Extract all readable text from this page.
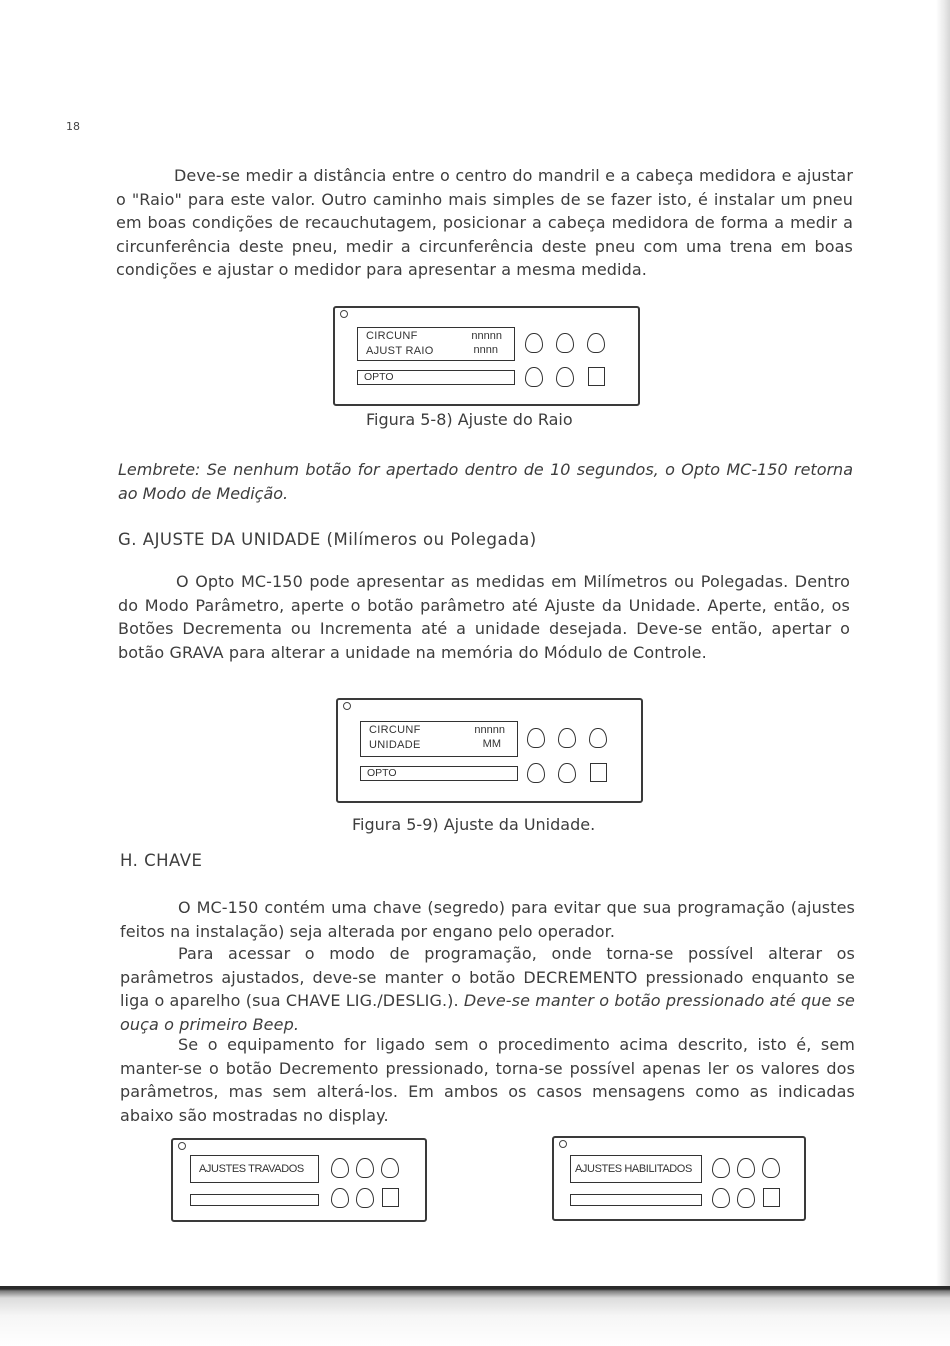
18

Deve-se medir a distância entre o centro do mandril e a cabeça medidora e ajustar o "Raio" para este valor. Outro caminho mais simples de se fazer isto, é instalar um pneu em boas condições de recauchutagem, posicionar a cabeça medidora de forma a medir a circunferência deste pneu, medir a circunferência deste pneu com uma trena em boas condições e ajustar o medidor para apresentar a mesma medida.

CIRCUNF	nnnnn
AJUST RAIO	nnnn
OPTO
Figura 5-8) Ajuste do Raio

Lembrete: Se nenhum botão for apertado dentro de 10 segundos, o Opto MC-150 retorna ao Modo de Medição.

G. AJUSTE DA UNIDADE (Milímeros ou Polegada)

O Opto MC-150 pode apresentar as medidas em Milímetros ou Polegadas. Dentro do Modo Parâmetro, aperte o botão parâmetro até Ajuste da Unidade. Aperte, então, os Botões Decrementa ou Incrementa até a unidade desejada. Deve-se então, apertar o botão GRAVA para alterar a unidade na memória do Módulo de Controle.

CIRCUNF	nnnnn
UNIDADE	MM
OPTO
Figura 5-9) Ajuste da Unidade.
H. CHAVE

O MC-150 contém uma chave (segredo) para evitar que sua programação (ajustes feitos na instalação) seja alterada por engano pelo operador.

Para acessar o modo de programação, onde torna-se possível alterar os parâmetros ajustados, deve-se manter o botão DECREMENTO pressionado enquanto se liga o aparelho (sua CHAVE LIG./DESLIG.). Deve-se manter o botão pressionado até que se ouça o primeiro Beep.

Se o equipamento for ligado sem o procedimento acima descrito, isto é, sem manter-se o botão Decremento pressionado, torna-se possível apenas ler os valores dos parâmetros, mas sem alterá-los. Em ambos os casos mensagens como as indicadas abaixo são mostradas no display.

AJUSTES TRAVADOS	AJUSTES HABILITADOS
